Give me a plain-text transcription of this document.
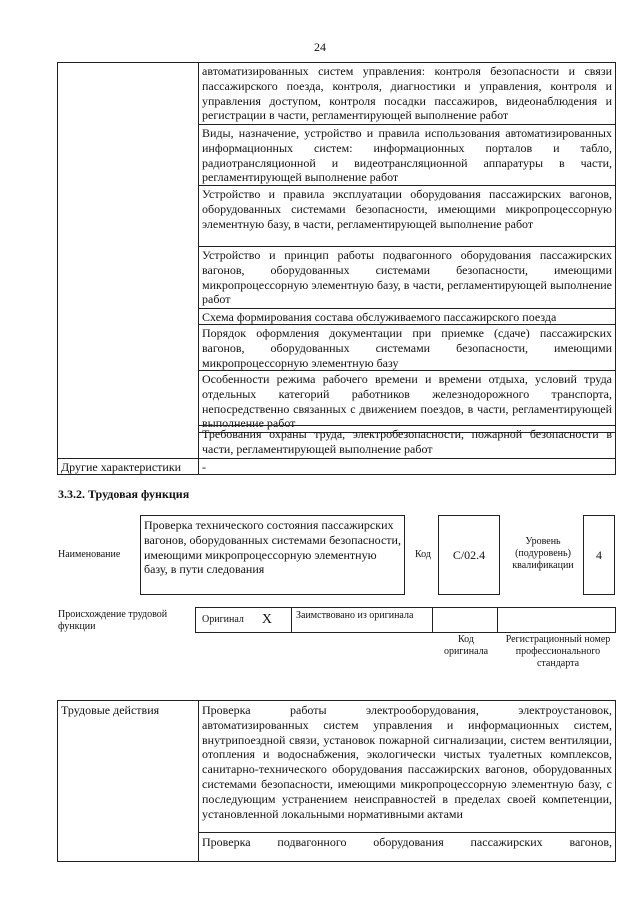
24
автоматизированных систем управления: контроля безопасности и связи пассажирского поезда, контроля, диагностики и управления, контроля и управления доступом, контроля посадки пассажиров, видеонаблюдения и регистрации в части, регламентирующей выполнение работ
Виды, назначение, устройство и правила использования автоматизированных информационных систем: информационных порталов и табло, радиотрансляционной и видеотрансляционной аппаратуры в части, регламентирующей выполнение работ
Устройство и правила эксплуатации оборудования пассажирских вагонов, оборудованных системами безопасности, имеющими микропроцессорную элементную базу, в части, регламентирующей выполнение работ
Устройство и принцип работы подвагонного оборудования пассажирских вагонов, оборудованных системами безопасности, имеющими микропроцессорную элементную базу, в части, регламентирующей выполнение работ
Схема формирования состава обслуживаемого пассажирского поезда
Порядок оформления документации при приемке (сдаче) пассажирских вагонов, оборудованных системами безопасности, имеющими микропроцессорную элементную базу
Особенности режима рабочего времени и времени отдыха, условий труда отдельных категорий работников железнодорожного транспорта, непосредственно связанных с движением поездов, в части, регламентирующей выполнение работ
Требования охраны труда, электробезопасности, пожарной безопасности в части, регламентирующей выполнение работ
Другие характеристики	-
3.3.2. Трудовая функция
Наименование
Проверка технического состояния пассажирских вагонов, оборудованных системами безопасности, имеющими микропроцессорную элементную базу, в пути следования
Код C/02.4
Уровень (подуровень) квалификации
4
Происхождение трудовой функции
Оригинал X	Заимствовано из оригинала
Код оригинала
Регистрационный номер профессионального стандарта
Трудовые действия	Проверка работы электрооборудования, электроустановок, автоматизированных систем управления и информационных систем, внутрипоездной связи, установок пожарной сигнализации, систем вентиляции, отопления и водоснабжения, экологически чистых туалетных комплексов, санитарно-технического оборудования пассажирских вагонов, оборудованных системами безопасности, имеющими микропроцессорную элементную базу, с последующим устранением неисправностей в пределах своей компетенции, установленной локальными нормативными актами
Проверка подвагонного оборудования пассажирских вагонов,
